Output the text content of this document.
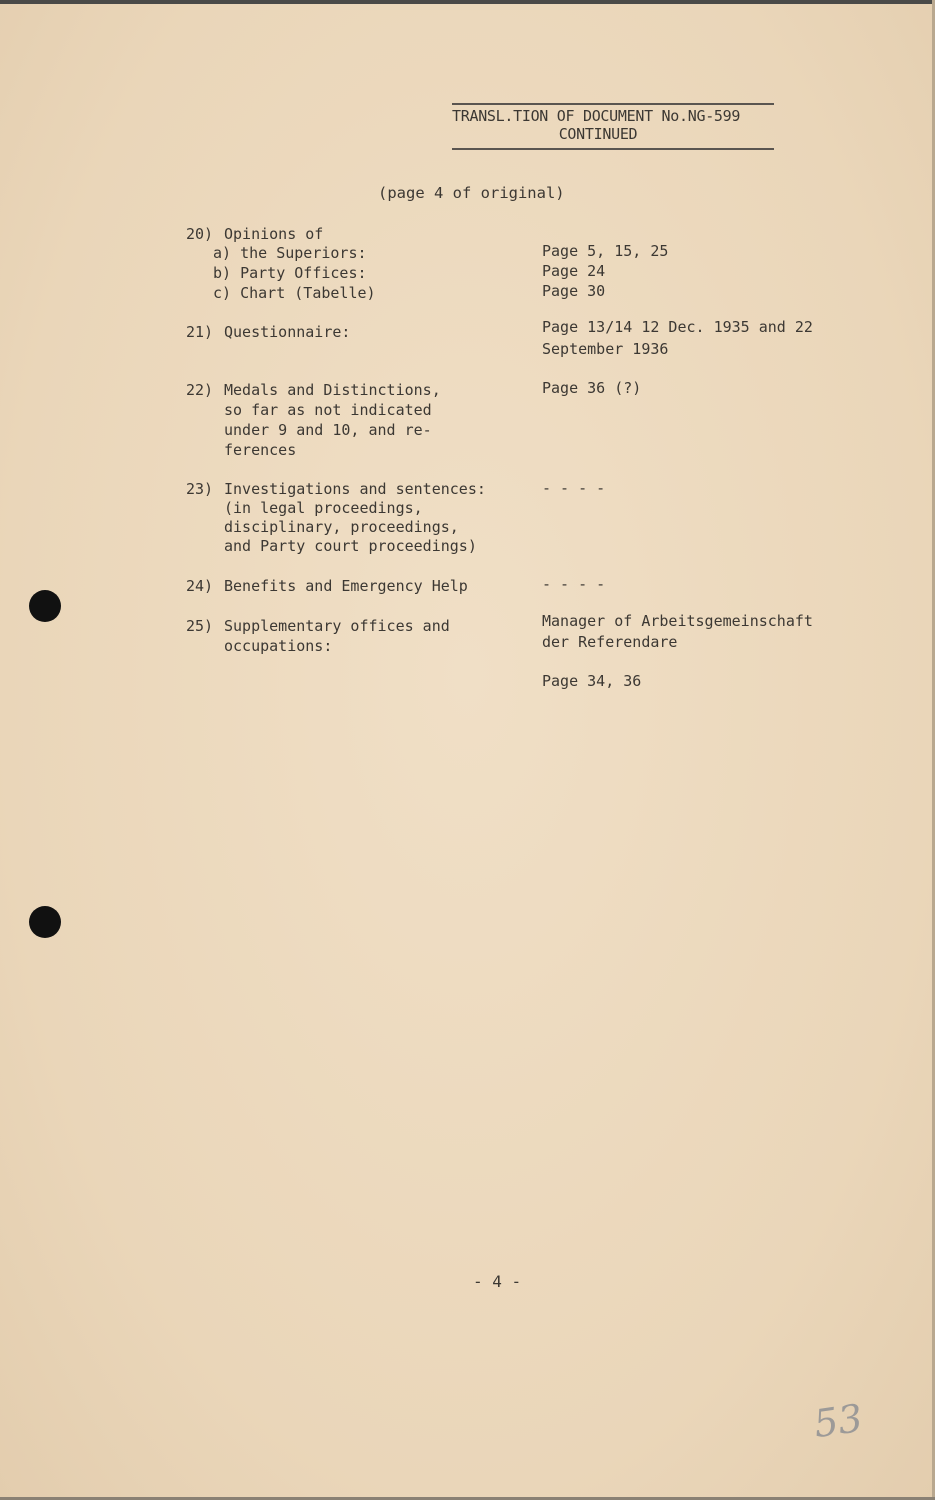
TRANSL.TION OF DOCUMENT No.NG-599
CONTINUED
(page 4 of original)
20) Opinions of
a) the Superiors:
b) Party Offices:
c) Chart (Tabelle)
Page 5, 15, 25
Page 24
Page 30
21) Questionnaire:	Page 13/14 12 Dec. 1935 and 22
September 1936
22) Medals and Distinctions,
so far as not indicated
under 9 and 10, and re-
ferences
Page 36 (?)
23) Investigations and sentences:
(in legal proceedings,
disciplinary, proceedings,
and Party court proceedings)
- - - -
24) Benefits and Emergency Help	- - - -
25) Supplementary offices and
occupations:
Manager of Arbeitsgemeinschaft
der Referendare
Page 34, 36
- 4 -
53
